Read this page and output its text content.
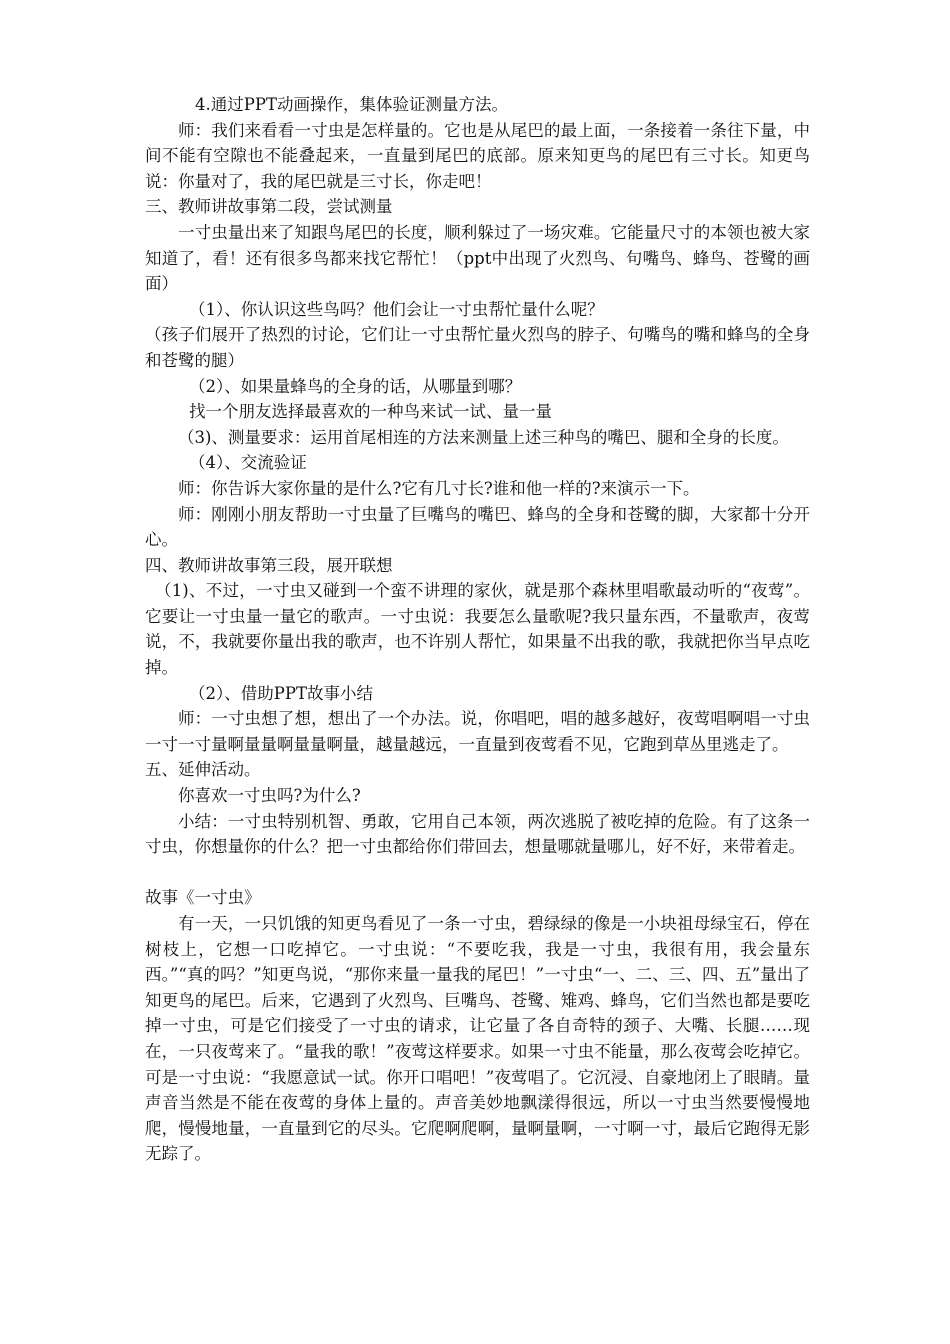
4.通过PPT动画操作，集体验证测量方法。

师：我们来看看一寸虫是怎样量的。它也是从尾巴的最上面，一条接着一条往下量，中间不能有空隙也不能叠起来，一直量到尾巴的底部。原来知更鸟的尾巴有三寸长。知更鸟说：你量对了，我的尾巴就是三寸长，你走吧！

三、教师讲故事第二段，尝试测量

一寸虫量出来了知跟鸟尾巴的长度，顺利躲过了一场灾难。它能量尺寸的本领也被大家知道了，看！还有很多鸟都来找它帮忙！（ppt中出现了火烈鸟、句嘴鸟、蜂鸟、苍鹭的画面）

（1）、你认识这些鸟吗？他们会让一寸虫帮忙量什么呢？

（孩子们展开了热烈的讨论，它们让一寸虫帮忙量火烈鸟的脖子、句嘴鸟的嘴和蜂鸟的全身和苍鹭的腿）

（2）、如果量蜂鸟的全身的话，从哪量到哪？

找一个朋友选择最喜欢的一种鸟来试一试、量一量

（3)、测量要求：运用首尾相连的方法来测量上述三种鸟的嘴巴、腿和全身的长度。

（4）、交流验证

师：你告诉大家你量的是什么?它有几寸长?谁和他一样的?来演示一下。

师：刚刚小朋友帮助一寸虫量了巨嘴鸟的嘴巴、蜂鸟的全身和苍鹭的脚，大家都十分开心。

四、教师讲故事第三段，展开联想

（1)、不过，一寸虫又碰到一个蛮不讲理的家伙，就是那个森林里唱歌最动听的“夜莺”。 它要让一寸虫量一量它的歌声。一寸虫说：我要怎么量歌呢?我只量东西，不量歌声，夜莺说，不，我就要你量出我的歌声，也不许别人帮忙，如果量不出我的歌，我就把你当早点吃掉。

（2）、借助PPT故事小结

师：一寸虫想了想，想出了一个办法。说，你唱吧，唱的越多越好，夜莺唱啊唱一寸虫一寸一寸量啊量量啊量量啊量，越量越远，一直量到夜莺看不见，它跑到草丛里逃走了。

五、延伸活动。

你喜欢一寸虫吗?为什么?

小结：一寸虫特别机智、勇敢，它用自己本领，两次逃脱了被吃掉的危险。有了这条一寸虫，你想量你的什么？把一寸虫都给你们带回去，想量哪就量哪儿，好不好，来带着走。

故事《一寸虫》

有一天，一只饥饿的知更鸟看见了一条一寸虫，碧绿绿的像是一小块祖母绿宝石，停在树枝上，它想一口吃掉它。一寸虫说：“不要吃我，我是一寸虫，我很有用，我会量东西。”“真的吗？”知更鸟说，“那你来量一量我的尾巴！”一寸虫“一、二、三、四、五”量出了知更鸟的尾巴。后来，它遇到了火烈鸟、巨嘴鸟、苍鹭、雉鸡、蜂鸟，它们当然也都是要吃掉一寸虫，可是它们接受了一寸虫的请求，让它量了各自奇特的颈子、大嘴、长腿……现在，一只夜莺来了。“量我的歌！”夜莺这样要求。如果一寸虫不能量，那么夜莺会吃掉它。可是一寸虫说：“我愿意试一试。你开口唱吧！”夜莺唱了。它沉浸、自豪地闭上了眼睛。量声音当然是不能在夜莺的身体上量的。声音美妙地飘漾得很远，所以一寸虫当然要慢慢地爬，慢慢地量，一直量到它的尽头。它爬啊爬啊，量啊量啊，一寸啊一寸，最后它跑得无影无踪了。
